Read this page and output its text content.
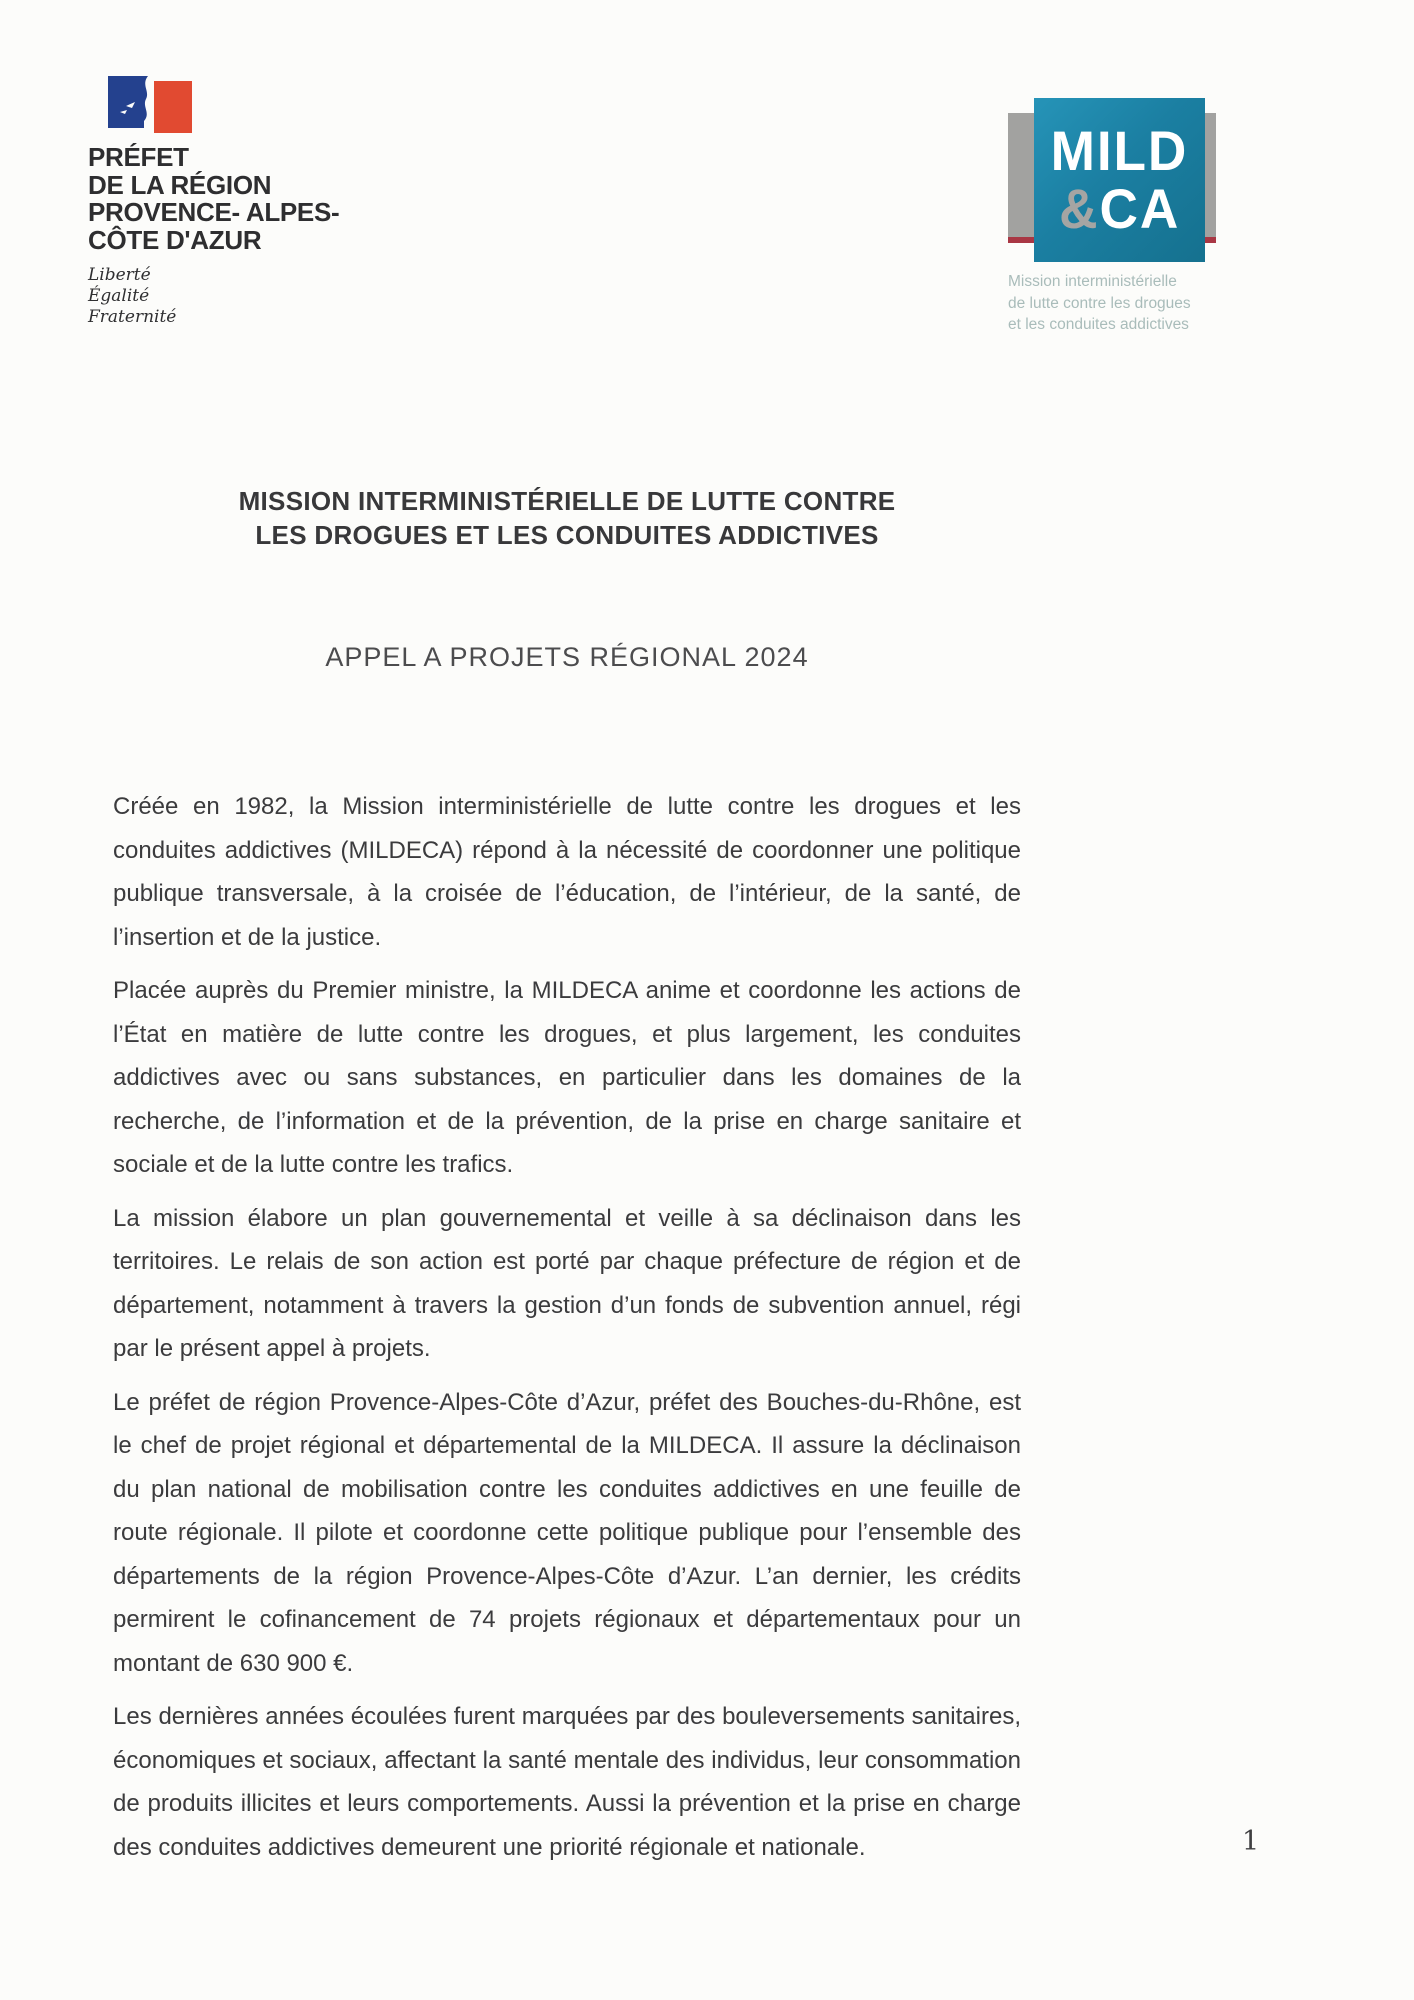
PRÉFET
DE LA RÉGION
PROVENCE- ALPES-
CÔTE D'AZUR
Liberté
Égalité
Fraternité
MILD
&CA
Mission interministérielle
de lutte contre les drogues
et les conduites addictives
MISSION INTERMINISTÉRIELLE DE LUTTE CONTRE
LES DROGUES ET LES CONDUITES ADDICTIVES
APPEL A PROJETS RÉGIONAL 2024

Créée en 1982, la Mission interministérielle de lutte contre les drogues et les conduites addictives (MILDECA) répond à la nécessité de coordonner une politique publique transversale, à la croisée de l’éducation, de l’intérieur, de la santé, de l’insertion et de la justice.

Placée auprès du Premier ministre, la MILDECA anime et coordonne les actions de l’État en matière de lutte contre les drogues, et plus largement, les conduites addictives avec ou sans substances, en particulier dans les domaines de la recherche, de l’information et de la prévention, de la prise en charge sanitaire et sociale et de la lutte contre les trafics.

La mission élabore un plan gouvernemental et veille à sa déclinaison dans les territoires. Le relais de son action est porté par chaque préfecture de région et de département, notamment à travers la gestion d’un fonds de subvention annuel, régi par le présent appel à projets.

Le préfet de région Provence-Alpes-Côte d’Azur, préfet des Bouches-du-Rhône, est le chef de projet régional et départemental de la MILDECA. Il assure la déclinaison du plan national de mobilisation contre les conduites addictives en une feuille de route régionale. Il pilote et coordonne cette politique publique pour l’ensemble des départements de la région Provence-Alpes-Côte d’Azur. L’an dernier, les crédits permirent le cofinancement de 74 projets régionaux et départementaux pour un montant de 630 900 €.

Les dernières années écoulées furent marquées par des bouleversements sanitaires, économiques et sociaux, affectant la santé mentale des individus, leur consommation de produits illicites et leurs comportements. Aussi la prévention et la prise en charge des conduites addictives demeurent une priorité régionale et nationale.	1
